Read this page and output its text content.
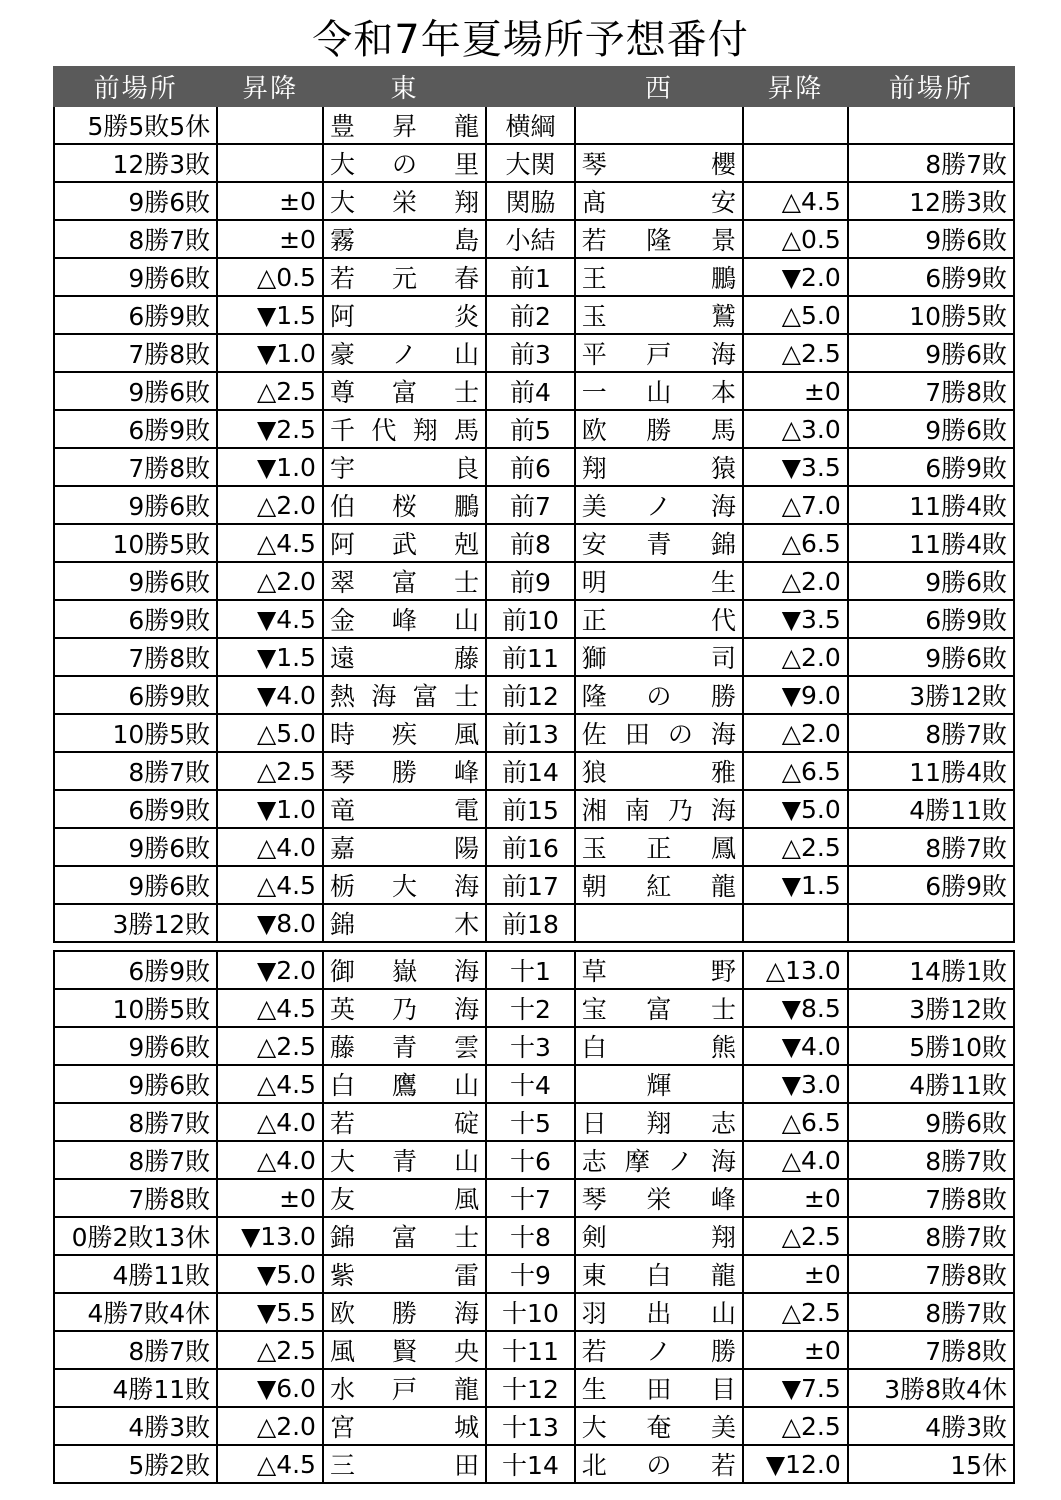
令和7年夏場所予想番付
前場所	昇降	東		西	昇降	前場所
5勝5敗5休		豊 昇 龍	横綱			
12勝3敗		大 の 里	大関	琴 櫻		8勝7敗
9勝6敗	±0	大 栄 翔	関脇	髙 安	△4.5	12勝3敗
8勝7敗	±0	霧 島	小結	若 隆 景	△0.5	9勝6敗
9勝6敗	△0.5	若 元 春	前1	王 鵬	▼2.0	6勝9敗
6勝9敗	▼1.5	阿 炎	前2	玉 鷲	△5.0	10勝5敗
7勝8敗	▼1.0	豪 ノ 山	前3	平 戸 海	△2.5	9勝6敗
9勝6敗	△2.5	尊 富 士	前4	一 山 本	±0	7勝8敗
6勝9敗	▼2.5	千 代 翔 馬	前5	欧 勝 馬	△3.0	9勝6敗
7勝8敗	▼1.0	宇 良	前6	翔 猿	▼3.5	6勝9敗
9勝6敗	△2.0	伯 桜 鵬	前7	美 ノ 海	△7.0	11勝4敗
10勝5敗	△4.5	阿 武 剋	前8	安 青 錦	△6.5	11勝4敗
9勝6敗	△2.0	翠 富 士	前9	明 生	△2.0	9勝6敗
6勝9敗	▼4.5	金 峰 山	前10	正 代	▼3.5	6勝9敗
7勝8敗	▼1.5	遠 藤	前11	獅 司	△2.0	9勝6敗
6勝9敗	▼4.0	熱 海 富 士	前12	隆 の 勝	▼9.0	3勝12敗
10勝5敗	△5.0	時 疾 風	前13	佐 田 の 海	△2.0	8勝7敗
8勝7敗	△2.5	琴 勝 峰	前14	狼 雅	△6.5	11勝4敗
6勝9敗	▼1.0	竜 電	前15	湘 南 乃 海	▼5.0	4勝11敗
9勝6敗	△4.0	嘉 陽	前16	玉 正 鳳	△2.5	8勝7敗
9勝6敗	△4.5	栃 大 海	前17	朝 紅 龍	▼1.5	6勝9敗
3勝12敗	▼8.0	錦 木	前18			
6勝9敗	▼2.0	御 嶽 海	十1	草 野	△13.0	14勝1敗
10勝5敗	△4.5	英 乃 海	十2	宝 富 士	▼8.5	3勝12敗
9勝6敗	△2.5	藤 青 雲	十3	白 熊	▼4.0	5勝10敗
9勝6敗	△4.5	白 鷹 山	十4	輝	▼3.0	4勝11敗
8勝7敗	△4.0	若 碇	十5	日 翔 志	△6.5	9勝6敗
8勝7敗	△4.0	大 青 山	十6	志 摩 ノ 海	△4.0	8勝7敗
7勝8敗	±0	友 風	十7	琴 栄 峰	±0	7勝8敗
0勝2敗13休	▼13.0	錦 富 士	十8	剣 翔	△2.5	8勝7敗
4勝11敗	▼5.0	紫 雷	十9	東 白 龍	±0	7勝8敗
4勝7敗4休	▼5.5	欧 勝 海	十10	羽 出 山	△2.5	8勝7敗
8勝7敗	△2.5	風 賢 央	十11	若 ノ 勝	±0	7勝8敗
4勝11敗	▼6.0	水 戸 龍	十12	生 田 目	▼7.5	3勝8敗4休
4勝3敗	△2.0	宮 城	十13	大 奄 美	△2.5	4勝3敗
5勝2敗	△4.5	三 田	十14	北 の 若	▼12.0	15休
